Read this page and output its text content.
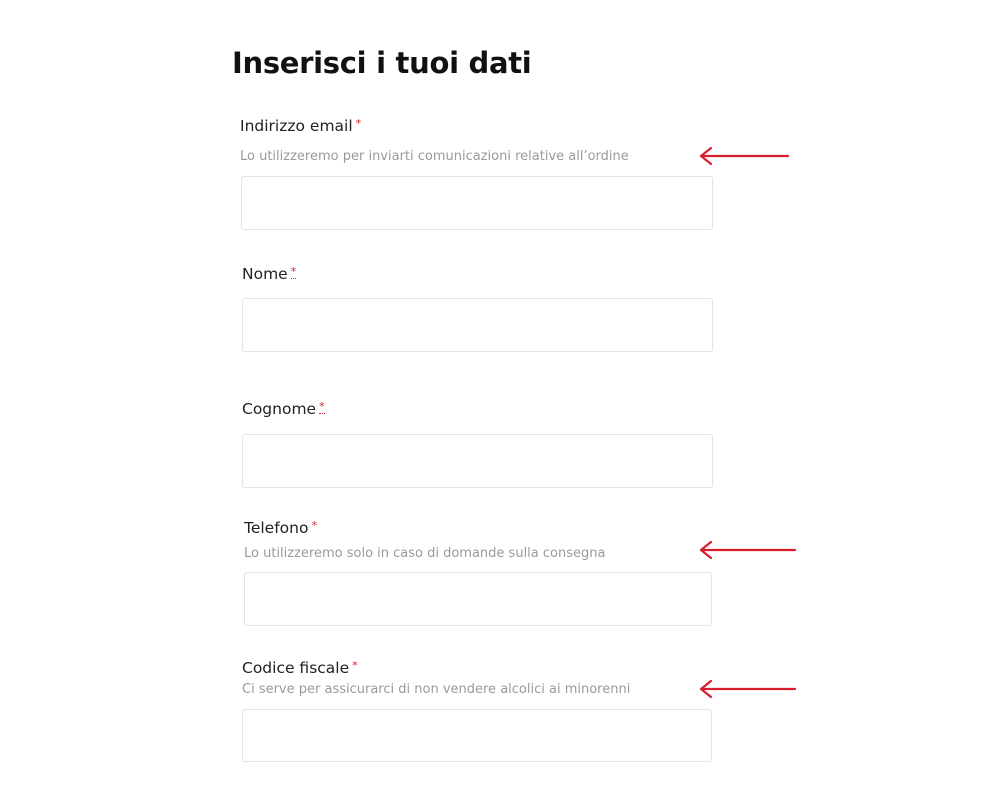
Inserisci i tuoi dati
Indirizzo email *
Lo utilizzeremo per inviarti comunicazioni relative all’ordine
Nome *
Cognome *
Telefono *
Lo utilizzeremo solo in caso di domande sulla consegna
Codice fiscale *
Ci serve per assicurarci di non vendere alcolici ai minorenni
